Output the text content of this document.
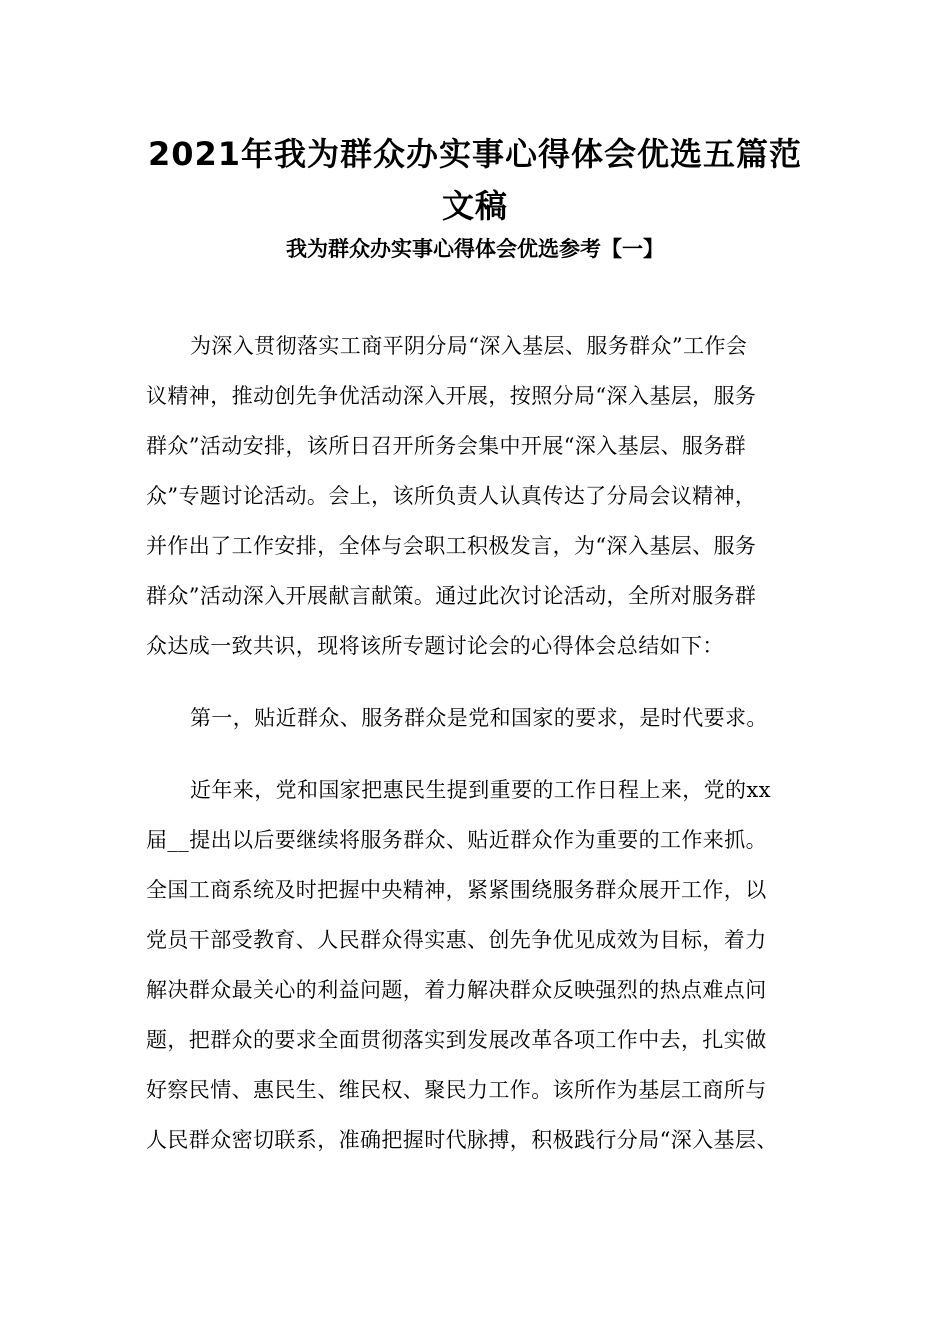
2021年我为群众办实事心得体会优选五篇范
文稿
我为群众办实事心得体会优选参考【一】
为深入贯彻落实工商平阴分局“深入基层、服务群众”工作会
议精神，推动创先争优活动深入开展，按照分局“深入基层，服务
群众”活动安排，该所日召开所务会集中开展“深入基层、服务群
众”专题讨论活动。会上，该所负责人认真传达了分局会议精神，
并作出了工作安排，全体与会职工积极发言，为“深入基层、服务
群众”活动深入开展献言献策。通过此次讨论活动，全所对服务群
众达成一致共识，现将该所专题讨论会的心得体会总结如下：
第一，贴近群众、服务群众是党和国家的要求，是时代要求。
近年来，党和国家把惠民生提到重要的工作日程上来，党的xx
届__提出以后要继续将服务群众、贴近群众作为重要的工作来抓。
全国工商系统及时把握中央精神，紧紧围绕服务群众展开工作，以
党员干部受教育、人民群众得实惠、创先争优见成效为目标，着力
解决群众最关心的利益问题，着力解决群众反映强烈的热点难点问
题，把群众的要求全面贯彻落实到发展改革各项工作中去，扎实做
好察民情、惠民生、维民权、聚民力工作。该所作为基层工商所与
人民群众密切联系，准确把握时代脉搏，积极践行分局“深入基层、
